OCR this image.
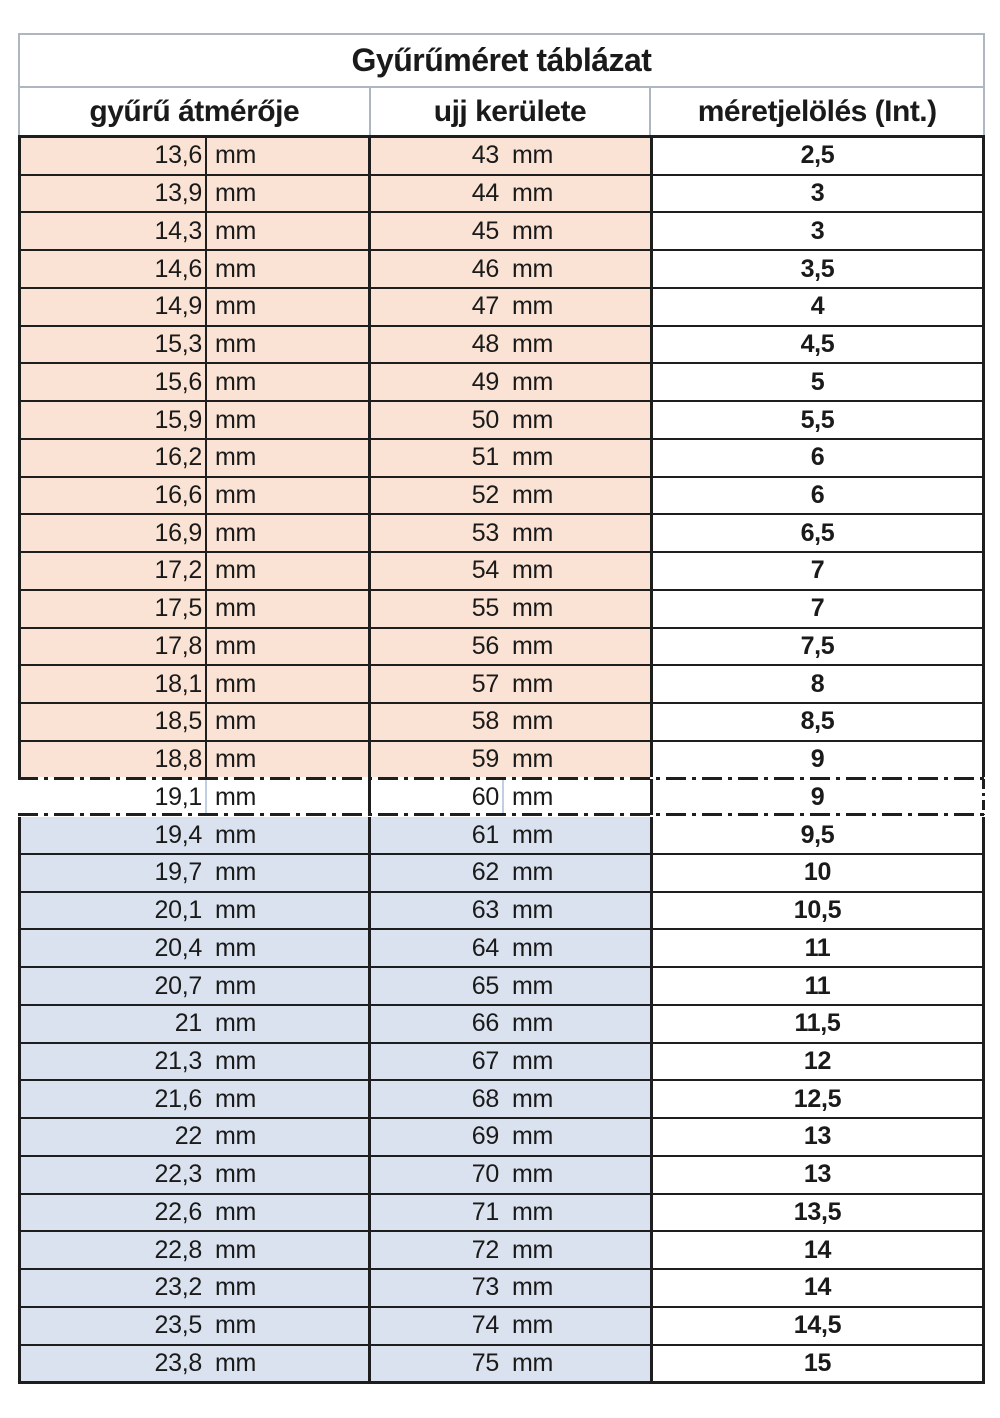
Gyűrűméret táblázat
gyűrű átmérője	ujj kerülete	méretjelölés (Int.)
13,6 mm	43 mm	2,5
13,9 mm	44 mm	3
14,3 mm	45 mm	3
14,6 mm	46 mm	3,5
14,9 mm	47 mm	4
15,3 mm	48 mm	4,5
15,6 mm	49 mm	5
15,9 mm	50 mm	5,5
16,2 mm	51 mm	6
16,6 mm	52 mm	6
16,9 mm	53 mm	6,5
17,2 mm	54 mm	7
17,5 mm	55 mm	7
17,8 mm	56 mm	7,5
18,1 mm	57 mm	8
18,5 mm	58 mm	8,5
18,8 mm	59 mm	9
19,1 mm	60 mm	9
19,4 mm	61 mm	9,5
19,7 mm	62 mm	10
20,1 mm	63 mm	10,5
20,4 mm	64 mm	11
20,7 mm	65 mm	11
21 mm	66 mm	11,5
21,3 mm	67 mm	12
21,6 mm	68 mm	12,5
22 mm	69 mm	13
22,3 mm	70 mm	13
22,6 mm	71 mm	13,5
22,8 mm	72 mm	14
23,2 mm	73 mm	14
23,5 mm	74 mm	14,5
23,8 mm	75 mm	15
